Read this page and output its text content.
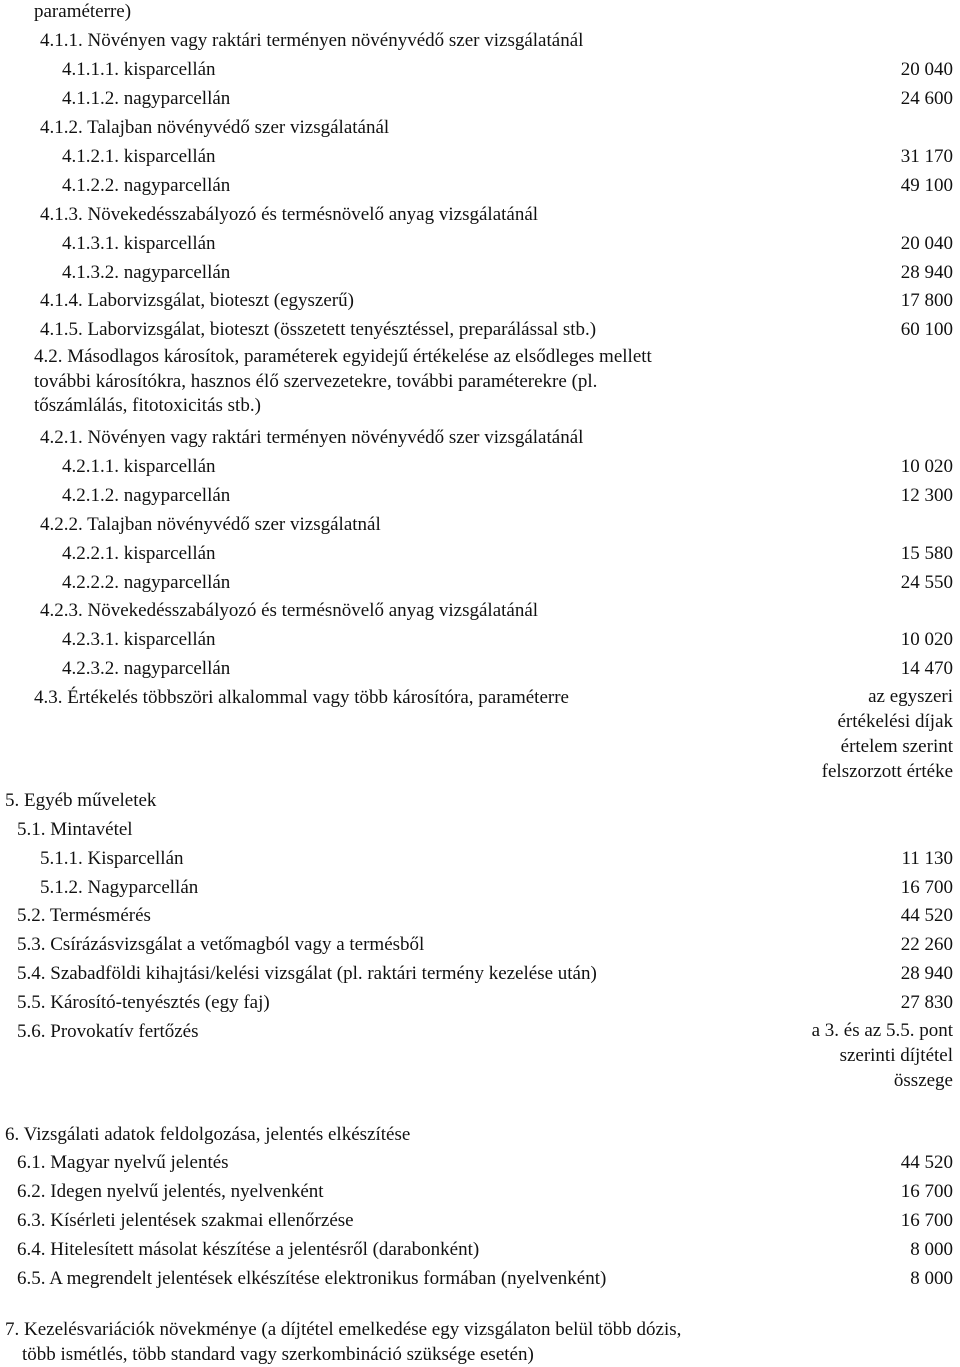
paraméterre)
4.1.1. Növényen vagy raktári terményen növényvédő szer vizsgálatánál
4.1.1.1. kisparcellán	20 040
4.1.1.2. nagyparcellán	24 600
4.1.2. Talajban növényvédő szer vizsgálatánál
4.1.2.1. kisparcellán	31 170
4.1.2.2. nagyparcellán	49 100
4.1.3. Növekedésszabályozó és termésnövelő anyag vizsgálatánál
4.1.3.1. kisparcellán	20 040
4.1.3.2. nagyparcellán	28 940
4.1.4. Laborvizsgálat, bioteszt (egyszerű)	17 800
4.1.5. Laborvizsgálat, bioteszt (összetett tenyésztéssel, preparálással stb.)	60 100
4.2. Másodlagos károsítok, paraméterek egyidejű értékelése az elsődleges mellett
további károsítókra, hasznos élő szervezetekre, további paraméterekre (pl.
tőszámlálás, fitotoxicitás stb.)
4.2.1. Növényen vagy raktári terményen növényvédő szer vizsgálatánál
4.2.1.1. kisparcellán	10 020
4.2.1.2. nagyparcellán	12 300
4.2.2. Talajban növényvédő szer vizsgálatnál
4.2.2.1. kisparcellán	15 580
4.2.2.2. nagyparcellán	24 550
4.2.3. Növekedésszabályozó és termésnövelő anyag vizsgálatánál
4.2.3.1. kisparcellán	10 020
4.2.3.2. nagyparcellán	14 470
4.3. Értékelés többszöri alkalommal vagy több károsítóra, paraméterre	az egyszeri
értékelési díjak
értelem szerint
felszorzott értéke
5. Egyéb műveletek
5.1. Mintavétel
5.1.1. Kisparcellán	11 130
5.1.2. Nagyparcellán	16 700
5.2. Termésmérés	44 520
5.3. Csírázásvizsgálat a vetőmagból vagy a termésből	22 260
5.4. Szabadföldi kihajtási/kelési vizsgálat (pl. raktári termény kezelése után)	28 940
5.5. Károsító-tenyésztés (egy faj)	27 830
5.6. Provokatív fertőzés	a 3. és az 5.5. pont
szerinti díjtétel
összege
6. Vizsgálati adatok feldolgozása, jelentés elkészítése
6.1. Magyar nyelvű jelentés	44 520
6.2. Idegen nyelvű jelentés, nyelvenként	16 700
6.3. Kísérleti jelentések szakmai ellenőrzése	16 700
6.4. Hitelesített másolat készítése a jelentésről (darabonként)	8 000
6.5. A megrendelt jelentések elkészítése elektronikus formában (nyelvenként)	8 000
7. Kezelésvariációk növekménye (a díjtétel emelkedése egy vizsgálaton belül több dózis,
több ismétlés, több standard vagy szerkombináció szüksége esetén)
